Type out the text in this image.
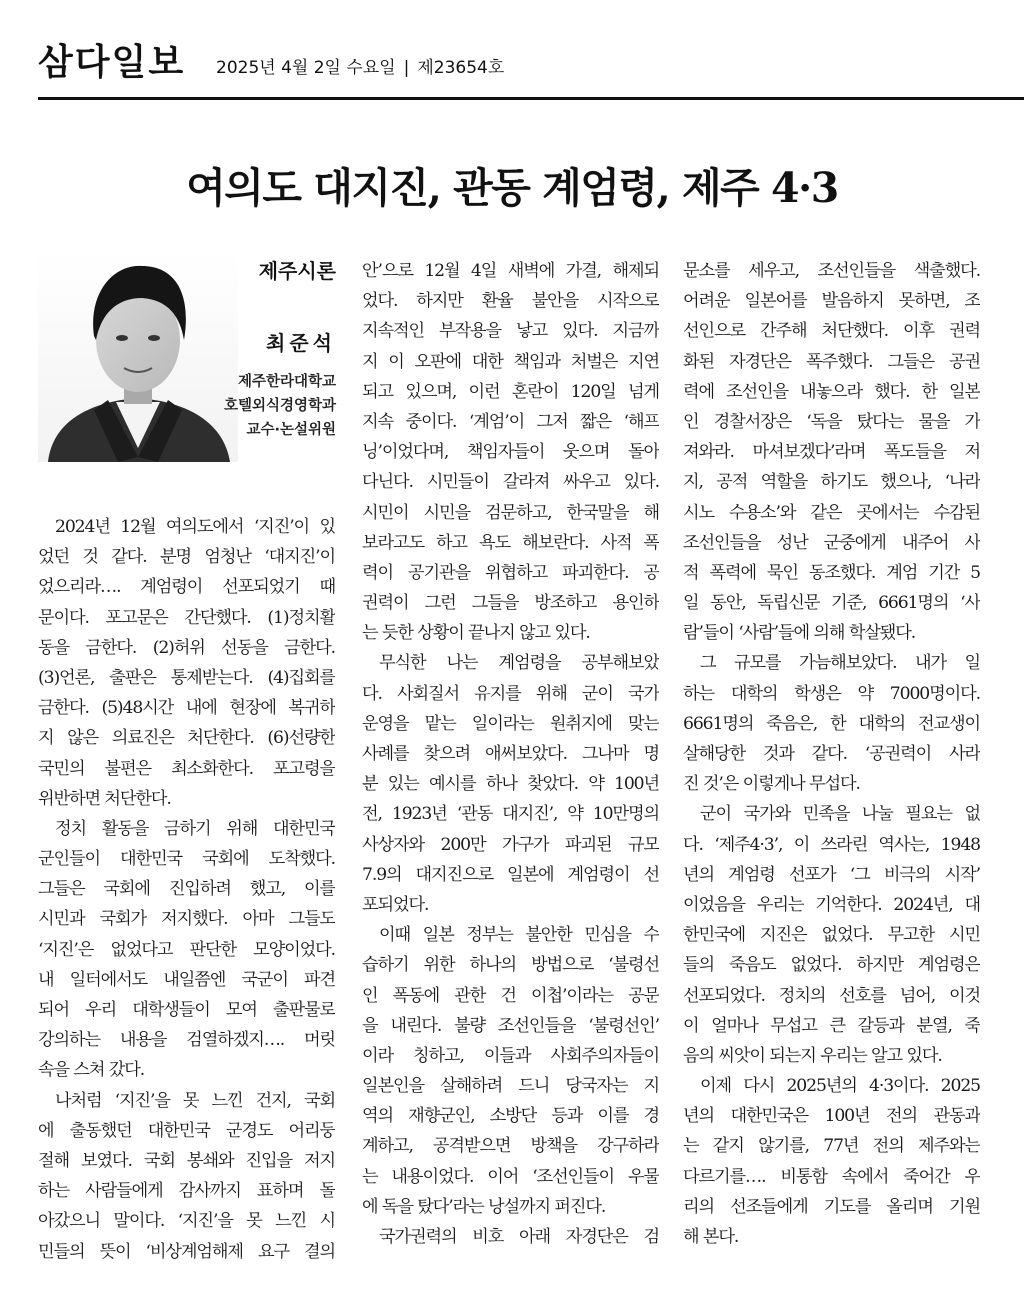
삼다일보 2025년 4월 2일 수요일 | 제23654호
여의도 대지진, 관동 계엄령, 제주 4·3
제주시론
최준석
제주한라대학교
호텔외식경영학과
교수·논설위원
2024년 12월 여의도에서 ‘지진’이 있
었던 것 같다. 분명 엄청난 ‘대지진’이
었으리라…. 계엄령이 선포되었기 때
문이다. 포고문은 간단했다. (1)정치활
동을 금한다. (2)허위 선동을 금한다.
(3)언론, 출판은 통제받는다. (4)집회를
금한다. (5)48시간 내에 현장에 복귀하
지 않은 의료진은 처단한다. (6)선량한
국민의 불편은 최소화한다. 포고령을
위반하면 처단한다.
정치 활동을 금하기 위해 대한민국
군인들이 대한민국 국회에 도착했다.
그들은 국회에 진입하려 했고, 이를
시민과 국회가 저지했다. 아마 그들도
‘지진’은 없었다고 판단한 모양이었다.
내 일터에서도 내일쯤엔 국군이 파견
되어 우리 대학생들이 모여 출판물로
강의하는 내용을 검열하겠지…. 머릿
속을 스쳐 갔다.
나처럼 ‘지진’을 못 느낀 건지, 국회
에 출동했던 대한민국 군경도 어리둥
절해 보였다. 국회 봉쇄와 진입을 저지
하는 사람들에게 감사까지 표하며 돌
아갔으니 말이다. ‘지진’을 못 느낀 시
민들의 뜻이 ‘비상계엄해제 요구 결의
안’으로 12월 4일 새벽에 가결, 해제되
었다. 하지만 환율 불안을 시작으로
지속적인 부작용을 낳고 있다. 지금까
지 이 오판에 대한 책임과 처벌은 지연
되고 있으며, 이런 혼란이 120일 넘게
지속 중이다. ‘계엄’이 그저 짧은 ‘해프
닝’이었다며, 책임자들이 웃으며 돌아
다닌다. 시민들이 갈라져 싸우고 있다.
시민이 시민을 검문하고, 한국말을 해
보라고도 하고 욕도 해보란다. 사적 폭
력이 공기관을 위협하고 파괴한다. 공
권력이 그런 그들을 방조하고 용인하
는 듯한 상황이 끝나지 않고 있다.
무식한 나는 계엄령을 공부해보았
다. 사회질서 유지를 위해 군이 국가
운영을 맡는 일이라는 원취지에 맞는
사례를 찾으려 애써보았다. 그나마 명
분 있는 예시를 하나 찾았다. 약 100년
전, 1923년 ‘관동 대지진’, 약 10만명의
사상자와 200만 가구가 파괴된 규모
7.9의 대지진으로 일본에 계엄령이 선
포되었다.
이때 일본 정부는 불안한 민심을 수
습하기 위한 하나의 방법으로 ‘불령선
인 폭동에 관한 건 이첩’이라는 공문
을 내린다. 불량 조선인들을 ‘불령선인’
이라 칭하고, 이들과 사회주의자들이
일본인을 살해하려 드니 당국자는 지
역의 재향군인, 소방단 등과 이를 경
계하고, 공격받으면 방책을 강구하라
는 내용이었다. 이어 ‘조선인들이 우물
에 독을 탔다’라는 낭설까지 퍼진다.
국가권력의 비호 아래 자경단은 검
문소를 세우고, 조선인들을 색출했다.
어려운 일본어를 발음하지 못하면, 조
선인으로 간주해 처단했다. 이후 권력
화된 자경단은 폭주했다. 그들은 공권
력에 조선인을 내놓으라 했다. 한 일본
인 경찰서장은 ‘독을 탔다는 물을 가
져와라. 마셔보겠다’라며 폭도들을 저
지, 공적 역할을 하기도 했으나, ‘나라
시노 수용소’와 같은 곳에서는 수감된
조선인들을 성난 군중에게 내주어 사
적 폭력에 묵인 동조했다. 계엄 기간 5
일 동안, 독립신문 기준, 6661명의 ‘사
람’들이 ‘사람’들에 의해 학살됐다.
그 규모를 가늠해보았다. 내가 일
하는 대학의 학생은 약 7000명이다.
6661명의 죽음은, 한 대학의 전교생이
살해당한 것과 같다. ‘공권력이 사라
진 것’은 이렇게나 무섭다.
군이 국가와 민족을 나눌 필요는 없
다. ‘제주4·3’, 이 쓰라린 역사는, 1948
년의 계엄령 선포가 ‘그 비극의 시작’
이었음을 우리는 기억한다. 2024년, 대
한민국에 지진은 없었다. 무고한 시민
들의 죽음도 없었다. 하지만 계엄령은
선포되었다. 정치의 선호를 넘어, 이것
이 얼마나 무섭고 큰 갈등과 분열, 죽
음의 씨앗이 되는지 우리는 알고 있다.
이제 다시 2025년의 4·3이다. 2025
년의 대한민국은 100년 전의 관동과
는 같지 않기를, 77년 전의 제주와는
다르기를…. 비통함 속에서 죽어간 우
리의 선조들에게 기도를 올리며 기원
해 본다.
